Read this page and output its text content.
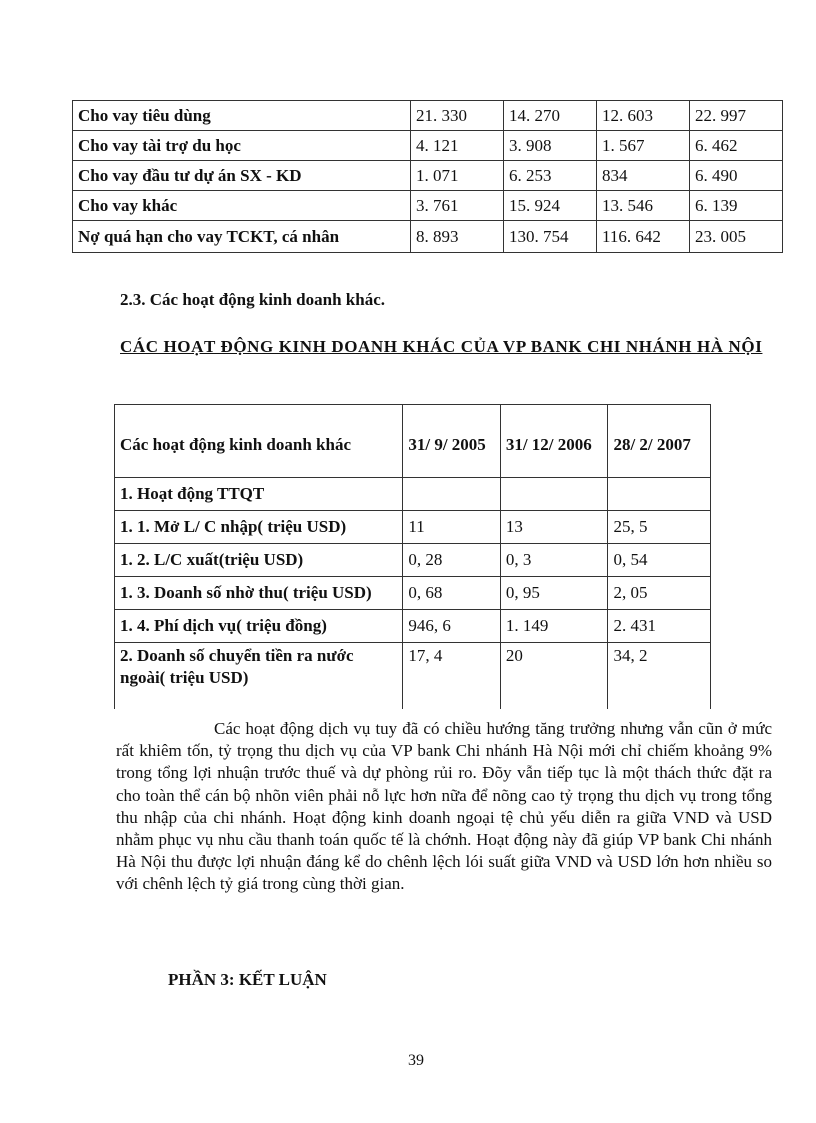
Cho vay tiêu dùng	21. 330	14. 270	12. 603	22. 997
Cho vay tài trợ du học	4. 121	3. 908	1. 567	6. 462
Cho vay đầu tư dự án SX - KD	1. 071	6. 253	834	6. 490
Cho vay khác	3. 761	15. 924	13. 546	6. 139
Nợ quá hạn cho vay TCKT, cá nhân	8. 893	130. 754	116. 642	23. 005
2.3. Các hoạt động kinh doanh khác.
CÁC HOẠT ĐỘNG KINH DOANH KHÁC CỦA VP BANK CHI NHÁNH HÀ NỘI
Các hoạt động kinh doanh khác	31/ 9/ 2005	31/ 12/ 2006	28/ 2/ 2007
1. Hoạt động TTQT			
1. 1. Mở L/ C nhập( triệu USD)	11	13	25, 5
1. 2. L/C xuất(triệu USD)	0, 28	0, 3	0, 54
1. 3. Doanh số nhờ thu( triệu USD)	0, 68	0, 95	2, 05
1. 4. Phí dịch vụ( triệu đồng)	946, 6	1. 149	2. 431
2. Doanh số chuyển tiền ra nước ngoài( triệu USD)	17, 4	20	34, 2
Các hoạt động dịch vụ tuy đã có chiều hướng tăng trưởng nhưng vẫn cũn ở mức rất khiêm tốn, tỷ trọng thu dịch vụ của VP bank Chi nhánh Hà Nội mới chỉ chiếm khoảng 9% trong tổng lợi nhuận trước thuế và dự phòng rủi ro. Đõy vẫn tiếp tục là một thách thức đặt ra cho toàn thể cán bộ nhõn viên phải nỗ lực hơn nữa để nõng cao tỷ trọng thu dịch vụ trong tổng thu nhập của chi nhánh. Hoạt động kinh doanh ngoại tệ chủ yếu diễn ra giữa VND và USD nhằm phục vụ nhu cầu thanh toán quốc tế là chớnh. Hoạt động này đã giúp VP bank Chi nhánh Hà Nội thu được lợi nhuận đáng kể do chênh lệch lói suất giữa VND và USD lớn hơn nhiều so với chênh lệch tỷ giá trong cùng thời gian.
PHẦN 3: KẾT LUẬN
39
